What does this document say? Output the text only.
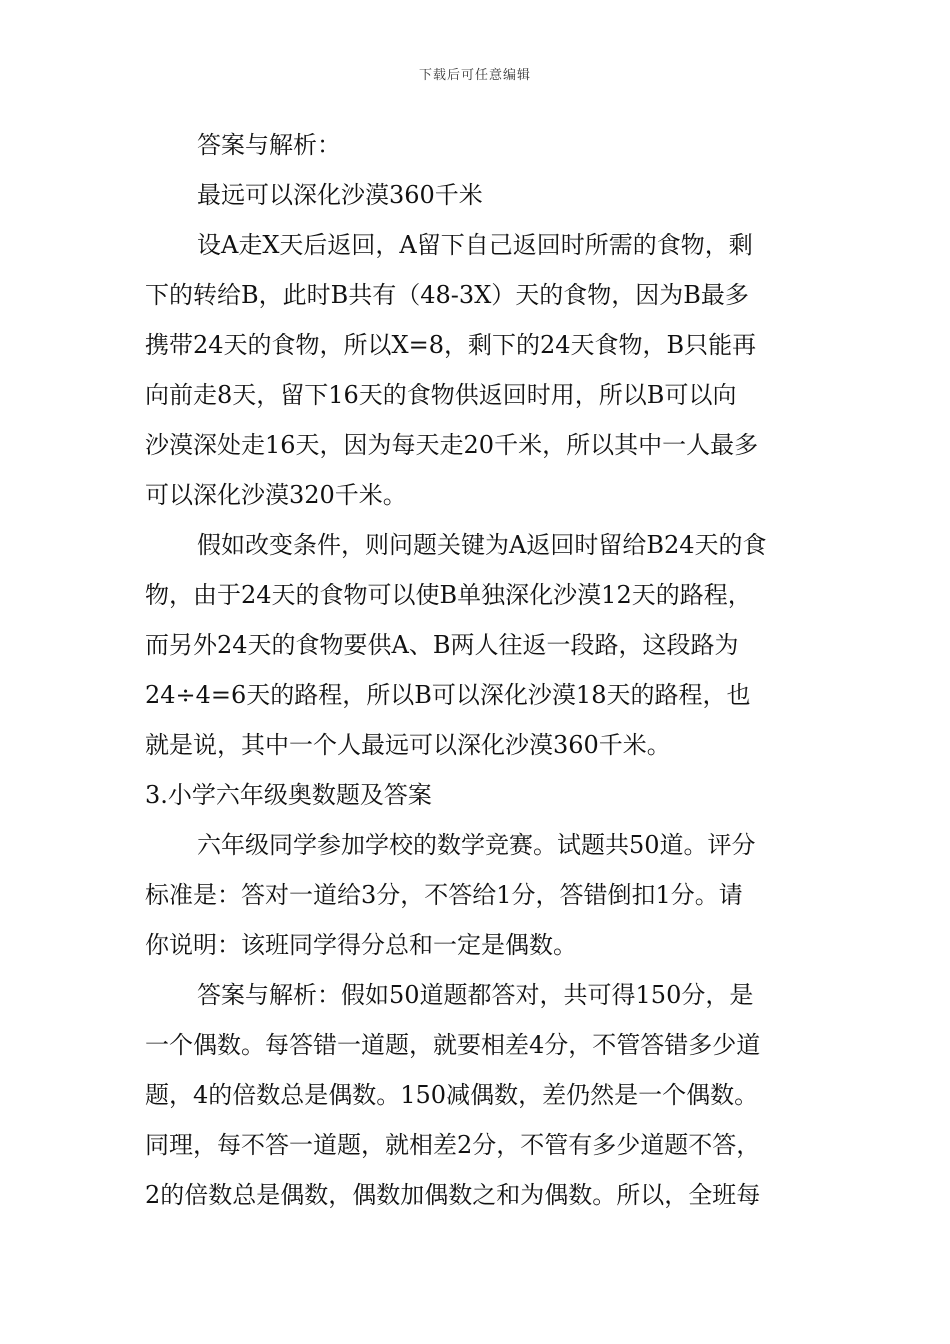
下载后可任意编辑
答案与解析：
最远可以深化沙漠360千米
设A走X天后返回，A留下自己返回时所需的食物，剩
下的转给B，此时B共有（48-3X）天的食物，因为B最多
携带24天的食物，所以X=8，剩下的24天食物，B只能再
向前走8天，留下16天的食物供返回时用，所以B可以向
沙漠深处走16天，因为每天走20千米，所以其中一人最多
可以深化沙漠320千米。
假如改变条件，则问题关键为A返回时留给B24天的食
物，由于24天的食物可以使B单独深化沙漠12天的路程，
而另外24天的食物要供A、B两人往返一段路，这段路为
24÷4=6天的路程，所以B可以深化沙漠18天的路程，也
就是说，其中一个人最远可以深化沙漠360千米。
3.小学六年级奥数题及答案
六年级同学参加学校的数学竞赛。试题共50道。评分
标准是：答对一道给3分，不答给1分，答错倒扣1分。请
你说明：该班同学得分总和一定是偶数。
答案与解析：假如50道题都答对，共可得150分，是
一个偶数。每答错一道题，就要相差4分，不管答错多少道
题，4的倍数总是偶数。150减偶数，差仍然是一个偶数。
同理，每不答一道题，就相差2分，不管有多少道题不答，
2的倍数总是偶数，偶数加偶数之和为偶数。所以，全班每
